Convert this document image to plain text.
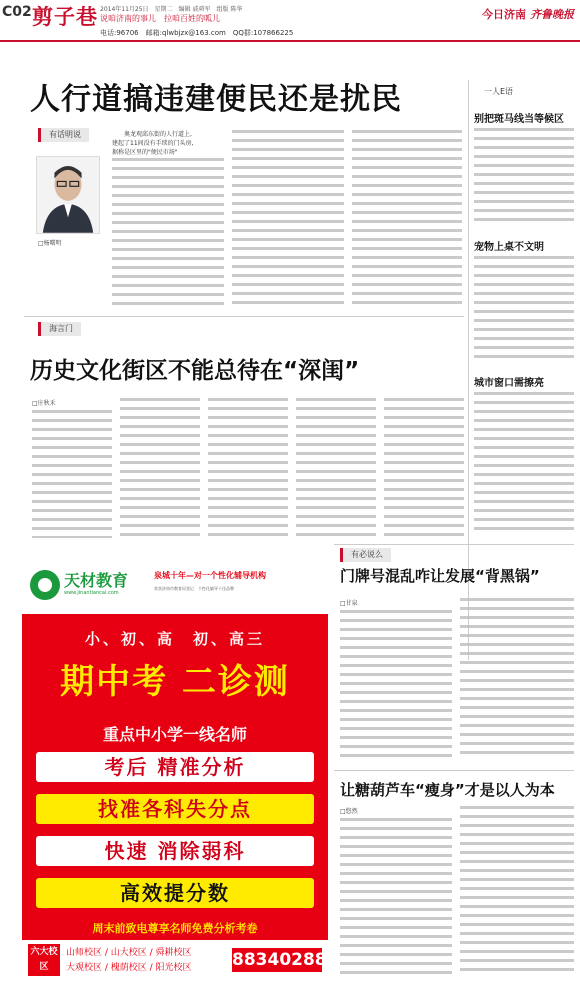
C02 剪子巷 2014年11月25日　星期二　编辑 戚舜军　组版 陈华
说咱济南的事儿　拉咱百姓的呱儿	今日济南 齐鲁晚报
电话:96706　邮箱:qlwbjzx@163.com　QQ群:107866225
人行道搞违建便民还是扰民
有话明说
□杨曙明
　　奥龙观邱东街的人行道上,
建起了11间没有手续的门头房,
据称是区里的"便民市场"
一人E语
别把斑马线当等候区
宠物上桌不文明
城市窗口需擦亮
海言门
历史文化街区不能总待在“深闺”
□庄秋禾
有必说么
门牌号混乱咋让发展“背黑锅”
□甘泉
让糖葫芦车“瘦身”才是以人为本
□悠然
天材教育
www.jinantiancai.com
泉城十年—对一个性化辅导机构
荣获济南市教育局登记　个性化辅导十佳品牌
小、初、高　初、高三
期中考 二诊测
重点中小学一线名师
考后 精准分析
找准各科失分点
快速 消除弱科
高效提分数
周末前致电尊享名师免费分析考卷
六大校区
山师校区 / 山大校区 / 舜耕校区
大观校区 / 槐荫校区 / 阳光校区 88340288
